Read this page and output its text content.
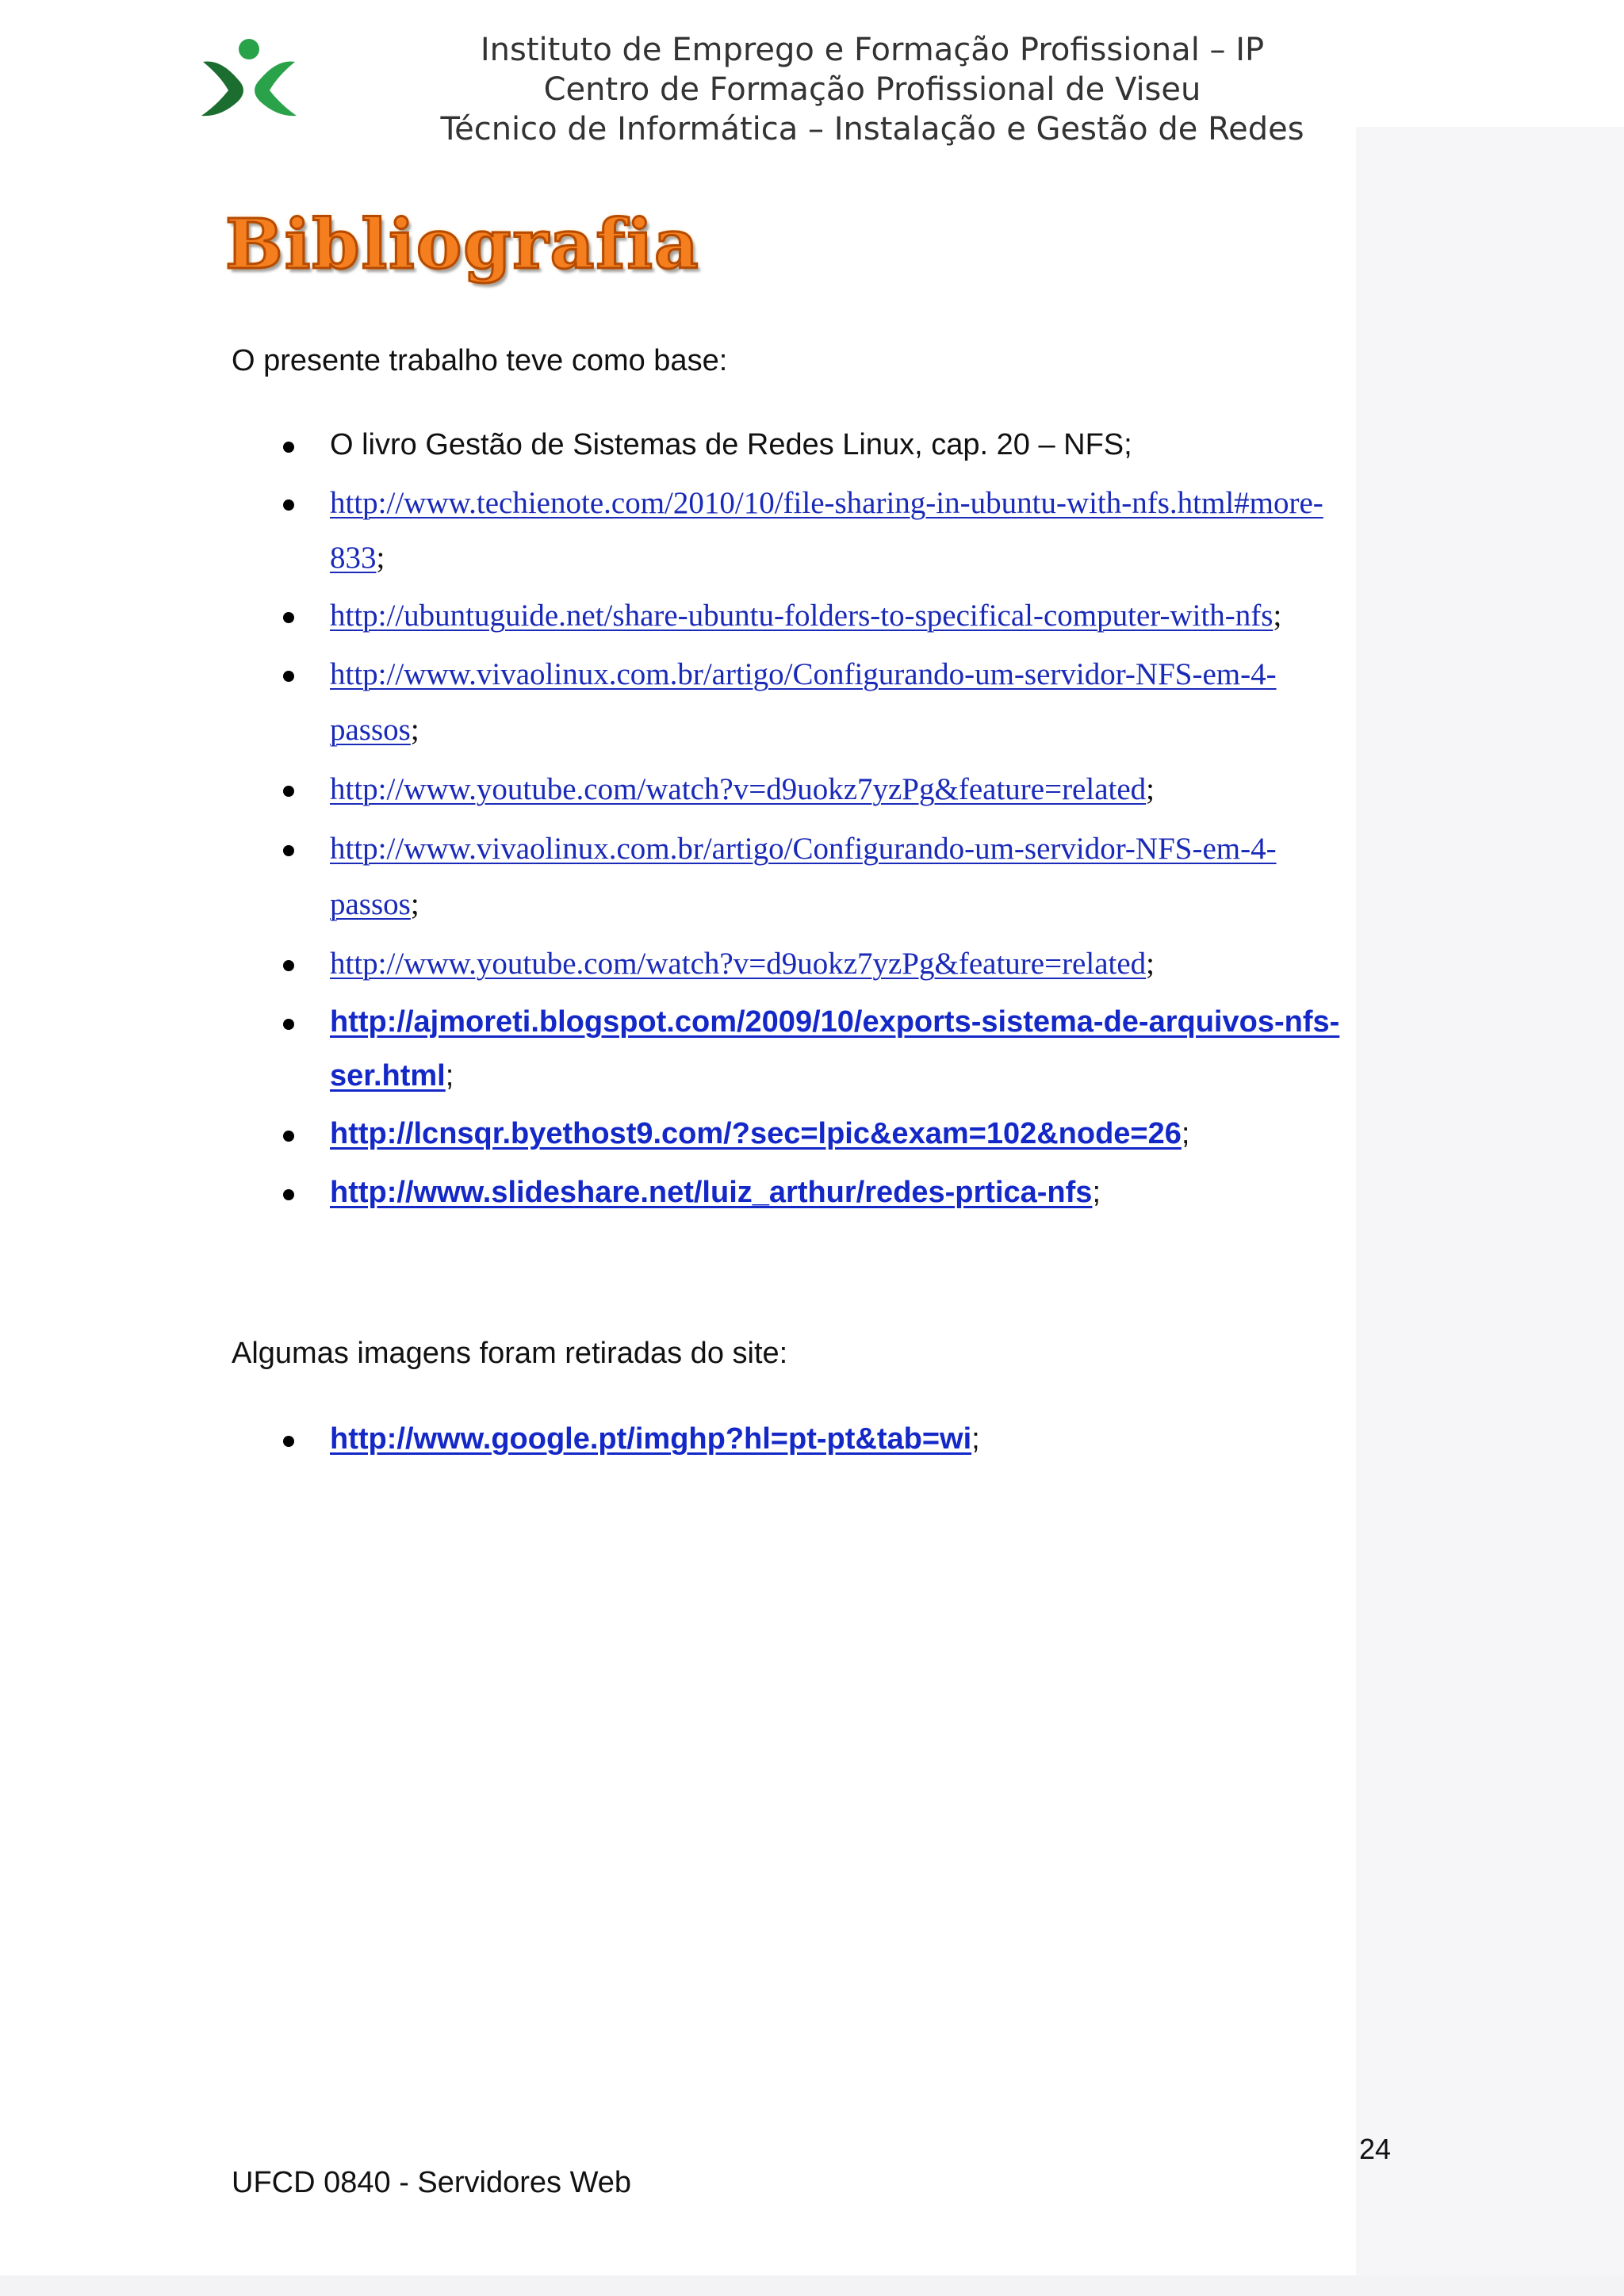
Instituto de Emprego e Formação Profissional – IP
Centro de Formação Profissional de Viseu
Técnico de Informática – Instalação e Gestão de Redes
Bibliografia
O presente trabalho teve como base:
O livro Gestão de Sistemas de Redes Linux, cap. 20 – NFS;
http://www.techienote.com/2010/10/file-sharing-in-ubuntu-with-nfs.html#more-
833;
http://ubuntuguide.net/share-ubuntu-folders-to-specifical-computer-with-nfs;
http://www.vivaolinux.com.br/artigo/Configurando-um-servidor-NFS-em-4-
passos;
http://www.youtube.com/watch?v=d9uokz7yzPg&feature=related;
http://www.vivaolinux.com.br/artigo/Configurando-um-servidor-NFS-em-4-
passos;
http://www.youtube.com/watch?v=d9uokz7yzPg&feature=related;
http://ajmoreti.blogspot.com/2009/10/exports-sistema-de-arquivos-nfs-
ser.html;
http://lcnsqr.byethost9.com/?sec=lpic&exam=102&node=26;
http://www.slideshare.net/luiz_arthur/redes-prtica-nfs;
Algumas imagens foram retiradas do site:
http://www.google.pt/imghp?hl=pt-pt&tab=wi;
24
UFCD 0840 - Servidores Web
